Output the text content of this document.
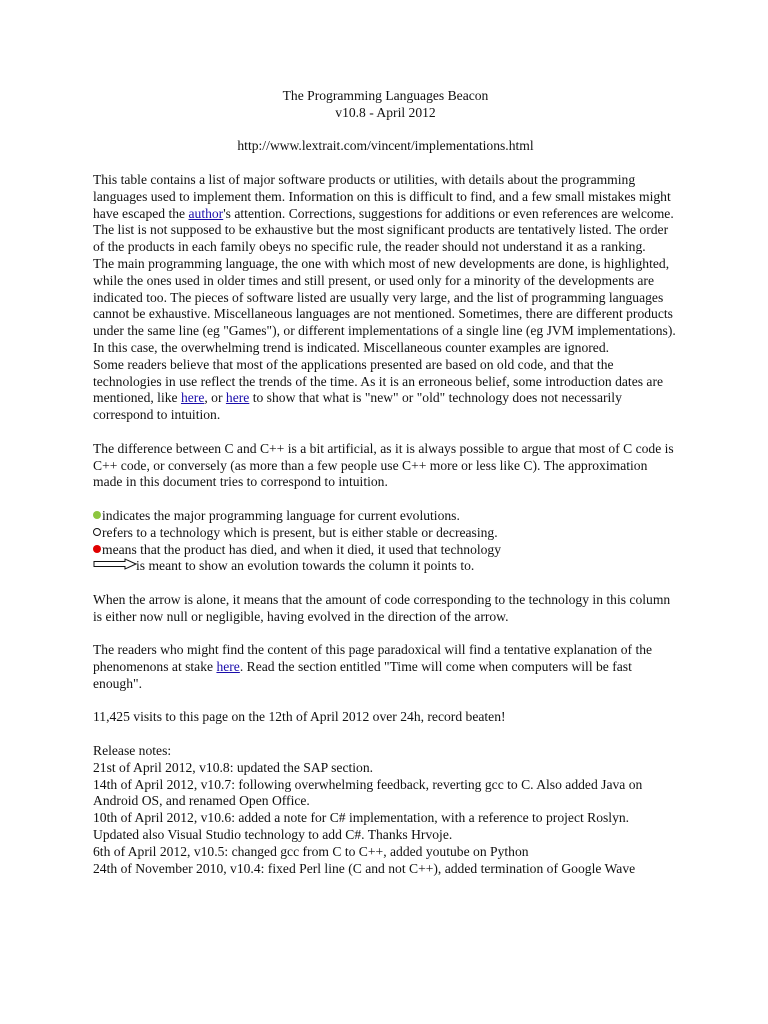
The Programming Languages Beacon

v10.8 - April 2012

http://www.lextrait.com/vincent/implementations.html

This table contains a list of major software products or utilities, with details about the programming languages used to implement them. Information on this is difficult to find, and a few small mistakes might have escaped the author's attention. Corrections, suggestions for additions or even references are welcome. The list is not supposed to be exhaustive but the most significant products are tentatively listed. The order of the products in each family obeys no specific rule, the reader should not understand it as a ranking.

The main programming language, the one with which most of new developments are done, is highlighted, while the ones used in older times and still present, or used only for a minority of the developments are indicated too. The pieces of software listed are usually very large, and the list of programming languages cannot be exhaustive. Miscellaneous languages are not mentioned. Sometimes, there are different products under the same line (eg "Games"), or different implementations of a single line (eg JVM implementations). In this case, the overwhelming trend is indicated. Miscellaneous counter examples are ignored.

Some readers believe that most of the applications presented are based on old code, and that the technologies in use reflect the trends of the time. As it is an erroneous belief, some introduction dates are mentioned, like here, or here to show that what is "new" or "old" technology does not necessarily correspond to intuition.

The difference between C and C++ is a bit artificial, as it is always possible to argue that most of C code is C++ code, or conversely (as more than a few people use C++ more or less like C). The approximation made in this document tries to correspond to intuition.

indicates the major programming language for current evolutions.
refers to a technology which is present, but is either stable or decreasing.
means that the product has died, and when it died, it used that technology
is meant to show an evolution towards the column it points to.

When the arrow is alone, it means that the amount of code corresponding to the technology in this column is either now null or negligible, having evolved in the direction of the arrow.

The readers who might find the content of this page paradoxical will find a tentative explanation of the phenomenons at stake here. Read the section entitled "Time will come when computers will be fast enough".

11,425 visits to this page on the 12th of April 2012 over 24h, record beaten!

Release notes:

21st of April 2012, v10.8: updated the SAP section.

14th of April 2012, v10.7: following overwhelming feedback, reverting gcc to C. Also added Java on Android OS, and renamed Open Office.

10th of April 2012, v10.6: added a note for C# implementation, with a reference to project Roslyn. Updated also Visual Studio technology to add C#. Thanks Hrvoje.

6th of April 2012, v10.5: changed gcc from C to C++, added youtube on Python

24th of November 2010, v10.4: fixed Perl line (C and not C++), added termination of Google Wave
